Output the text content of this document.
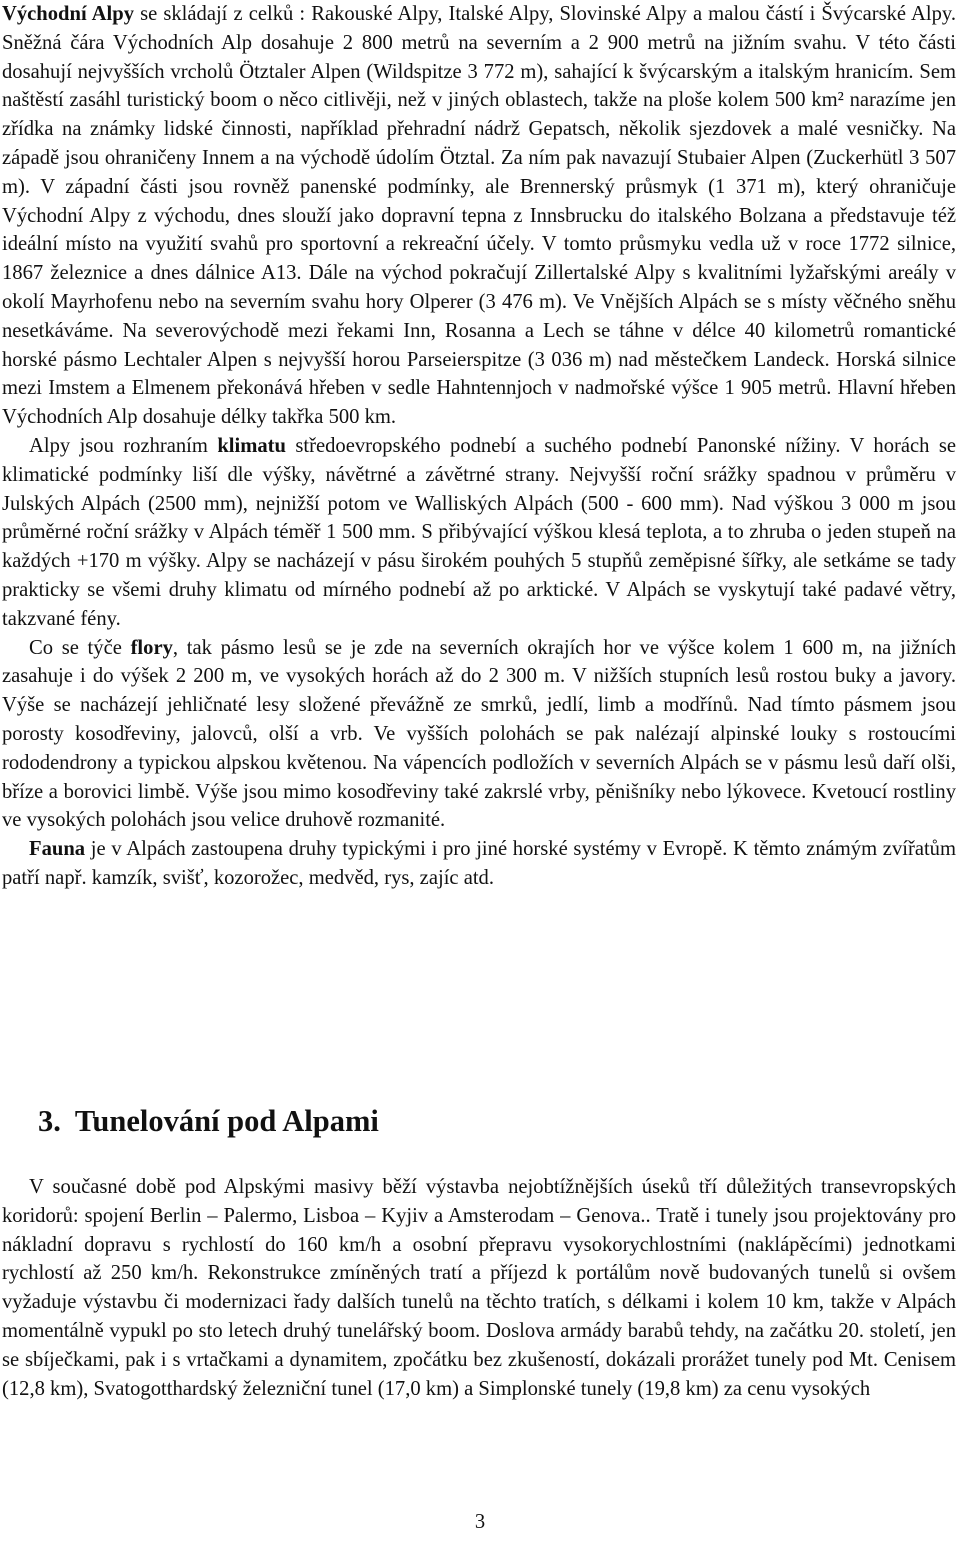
Východní Alpy se skládají z celků : Rakouské Alpy, Italské Alpy, Slovinské Alpy a malou částí i Švýcarské Alpy. Sněžná čára Východních Alp dosahuje 2 800 metrů na severním a 2 900 metrů na jižním svahu. V této části dosahují nejvyšších vrcholů Ötztaler Alpen (Wildspitze 3 772 m), sahající k švýcarským a italským hranicím. Sem naštěstí zasáhl turistický boom o něco citlivěji, než v jiných oblastech, takže na ploše kolem 500 km² narazíme jen zřídka na známky lidské činnosti, například přehradní nádrž Gepatsch, několik sjezdovek a malé vesničky. Na západě jsou ohraničeny Innem a na východě údolím Ötztal. Za ním pak navazují Stubaier Alpen (Zuckerhütl 3 507 m). V západní části jsou rovněž panenské podmínky, ale Brennerský průsmyk (1 371 m), který ohraničuje Východní Alpy z východu, dnes slouží jako dopravní tepna z Innsbrucku do italského Bolzana a představuje též ideální místo na využití svahů pro sportovní a rekreační účely. V tomto průsmyku vedla už v roce 1772 silnice, 1867 železnice a dnes dálnice A13. Dále na východ pokračují Zillertalské Alpy s kvalitními lyžařskými areály v okolí Mayrhofenu nebo na severním svahu hory Olperer (3 476 m). Ve Vnějších Alpách se s místy věčného sněhu nesetkáváme. Na severovýchodě mezi řekami Inn, Rosanna a Lech se táhne v délce 40 kilometrů romantické horské pásmo Lechtaler Alpen s nejvyšší horou Parseierspitze (3 036 m) nad městečkem Landeck. Horská silnice mezi Imstem a Elmenem překonává hřeben v sedle Hahntennjoch v nadmořské výšce 1 905 metrů. Hlavní hřeben Východních Alp dosahuje délky takřka 500 km.

Alpy jsou rozhraním klimatu středoevropského podnebí a suchého podnebí Panonské nížiny. V horách se klimatické podmínky liší dle výšky, návětrné a závětrné strany. Nejvyšší roční srážky spadnou v průměru v Julských Alpách (2500 mm), nejnižší potom ve Walliských Alpách (500 - 600 mm). Nad výškou 3 000 m jsou průměrné roční srážky v Alpách téměř 1 500 mm. S přibývající výškou klesá teplota, a to zhruba o jeden stupeň na každých +170 m výšky. Alpy se nacházejí v pásu širokém pouhých 5 stupňů zeměpisné šířky, ale setkáme se tady prakticky se všemi druhy klimatu od mírného podnebí až po arktické. V Alpách se vyskytují také padavé větry, takzvané fény.

Co se týče flory, tak pásmo lesů se je zde na severních okrajích hor ve výšce kolem 1 600 m, na jižních zasahuje i do výšek 2 200 m, ve vysokých horách až do 2 300 m. V nižších stupních lesů rostou buky a javory. Výše se nacházejí jehličnaté lesy složené převážně ze smrků, jedlí, limb a modřínů. Nad tímto pásmem jsou porosty kosodřeviny, jalovců, olší a vrb. Ve vyšších polohách se pak nalézají alpinské louky s rostoucími rododendrony a typickou alpskou květenou. Na vápencích podložích v severních Alpách se v pásmu lesů daří olši, bříze a borovici limbě. Výše jsou mimo kosodřeviny také zakrslé vrby, pěnišníky nebo lýkovece. Kvetoucí rostliny ve vysokých polohách jsou velice druhově rozmanité.

Fauna je v Alpách zastoupena druhy typickými i pro jiné horské systémy v Evropě. K těmto známým zvířatům patří např. kamzík, svišť, kozorožec, medvěd, rys, zajíc atd.

3. Tunelování pod Alpami

V současné době pod Alpskými masivy běží výstavba nejobtížnějších úseků tří důležitých transevropských koridorů: spojení Berlin – Palermo, Lisboa – Kyjiv a Amsterodam – Genova.. Tratě i tunely jsou projektovány pro nákladní dopravu s rychlostí do 160 km/h a osobní přepravu vysokorychlostními (naklápěcími) jednotkami rychlostí až 250 km/h. Rekonstrukce zmíněných tratí a příjezd k portálům nově budovaných tunelů si ovšem vyžaduje výstavbu či modernizaci řady dalších tunelů na těchto tratích, s délkami i kolem 10 km, takže v Alpách momentálně vypukl po sto letech druhý tunelářský boom. Doslova armády barabů tehdy, na začátku 20. století, jen se sbíječkami, pak i s vrtačkami a dynamitem, zpočátku bez zkušeností, dokázali prorážet tunely pod Mt. Cenisem (12,8 km), Svatogotthardský železniční tunel (17,0 km) a Simplonské tunely (19,8 km) za cenu vysokých

3
